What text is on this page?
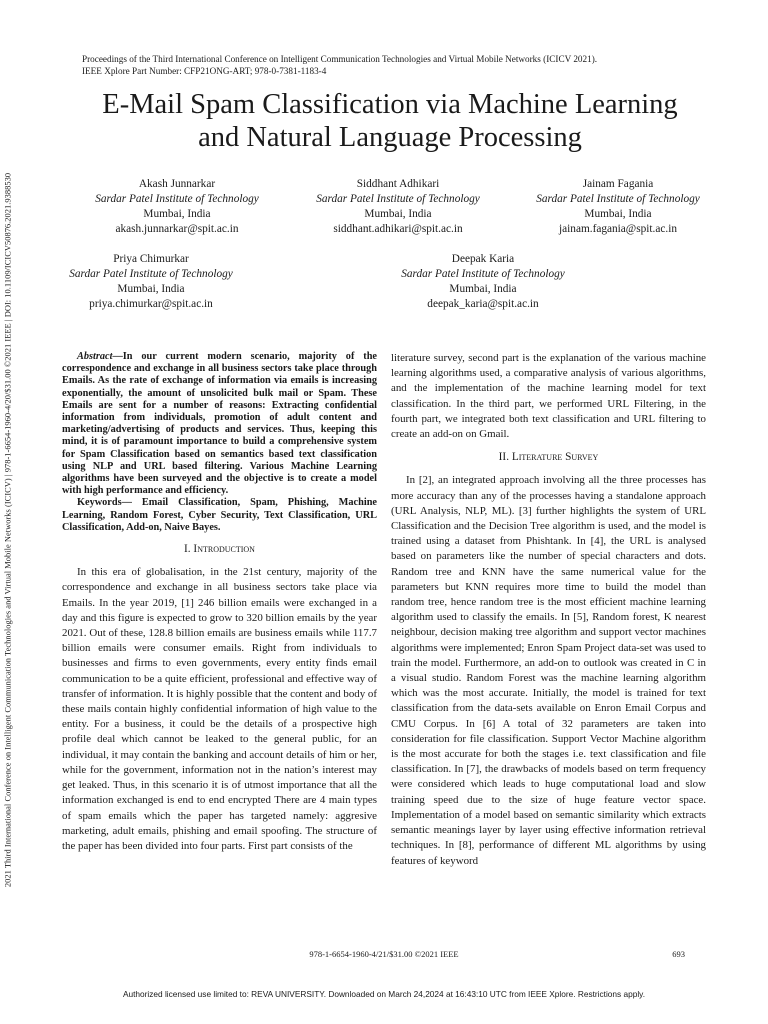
2021 Third International Conference on Intelligent Communication Technologies and Virtual Mobile Networks (ICICV) | 978-1-6654-1960-4/20/$31.00 ©2021 IEEE | DOI: 10.1109/ICICV50876.2021.9388530
Proceedings of the Third International Conference on Intelligent Communication Technologies and Virtual Mobile Networks (ICICV 2021).
IEEE Xplore Part Number: CFP21ONG-ART; 978-0-7381-1183-4
E-Mail Spam Classification via Machine Learning
and Natural Language Processing
Akash Junnarkar
Sardar Patel Institute of Technology
Mumbai, India
akash.junnarkar@spit.ac.in
Siddhant Adhikari
Sardar Patel Institute of Technology
Mumbai, India
siddhant.adhikari@spit.ac.in
Jainam Fagania
Sardar Patel Institute of Technology
Mumbai, India
jainam.fagania@spit.ac.in
Priya Chimurkar
Sardar Patel Institute of Technology
Mumbai, India
priya.chimurkar@spit.ac.in
Deepak Karia
Sardar Patel Institute of Technology
Mumbai, India
deepak_karia@spit.ac.in

Abstract—In our current modern scenario, majority of the correspondence and exchange in all business sectors take place through Emails. As the rate of exchange of information via emails is increasing exponentially, the amount of unsolicited bulk mail or Spam. These Emails are sent for a number of reasons: Extracting confidential information from individuals, promotion of adult content and marketing/advertising of products and services. Thus, keeping this mind, it is of paramount importance to build a comprehensive system for Spam Classification based on semantics based text classification using NLP and URL based filtering. Various Machine Learning algorithms have been surveyed and the objective is to create a model with high performance and efficiency.

Keywords— Email Classification, Spam, Phishing, Machine Learning, Random Forest, Cyber Security, Text Classification, URL Classification, Add-on, Naive Bayes.

I. Introduction

In this era of globalisation, in the 21st century, majority of the correspondence and exchange in all business sectors take place via Emails. In the year 2019, [1] 246 billion emails were exchanged in a day and this figure is expected to grow to 320 billion emails by the year 2021. Out of these, 128.8 billion emails are business emails while 117.7 billion emails were consumer emails. Right from individuals to businesses and firms to even governments, every entity finds email communication to be a quite efficient, professional and effective way of transfer of information. It is highly possible that the content and body of these mails contain highly confidential information of high value to the entity. For a business, it could be the details of a prospective high profile deal which cannot be leaked to the general public, for an individual, it may contain the banking and account details of him or her, while for the government, information not in the nation’s interest may get leaked. Thus, in this scenario it is of utmost importance that all the information exchanged is end to end encrypted There are 4 main types of spam emails which the paper has targeted namely: aggresive marketing, adult emails, phishing and email spoofing. The structure of the paper has been divided into four parts. First part consists of the

literature survey, second part is the explanation of the various machine learning algorithms used, a comparative analysis of various algorithms, and the implementation of the machine learning model for text classification. In the third part, we performed URL Filtering, in the fourth part, we integrated both text classification and URL filtering to create an add-on on Gmail.

II. Literature Survey

In [2], an integrated approach involving all the three processes has more accuracy than any of the processes having a standalone approach (URL Analysis, NLP, ML). [3] further highlights the system of URL Classification and the Decision Tree algorithm is used, and the model is trained using a dataset from Phishtank. In [4], the URL is analysed based on parameters like the number of special characters and dots. Random tree and KNN have the same numerical value for the parameters but KNN requires more time to build the model than random tree, hence random tree is the most efficient machine learning algorithm used to classify the emails. In [5], Random forest, K nearest neighbour, decision making tree algorithm and support vector machines algorithms were implemented; Enron Spam Project data-set was used to train the model. Furthermore, an add-on to outlook was created in C in a visual studio. Random Forest was the machine learning algorithm which was the most accurate. Initially, the model is trained for text classification from the data-sets available on Enron Email Corpus and CMU Corpus. In [6] A total of 32 parameters are taken into consideration for file classification. Support Vector Machine algorithm is the most accurate for both the stages i.e. text classification and file classification. In [7], the drawbacks of models based on term frequency were considered which leads to huge computational load and slow training speed due to the size of huge feature vector space. Implementation of a model based on semantic similarity which extracts semantic meanings layer by layer using effective information retrieval techniques. In [8], performance of different ML algorithms by using features of keyword

978-1-6654-1960-4/21/$31.00 ©2021 IEEE	693
Authorized licensed use limited to: REVA UNIVERSITY. Downloaded on March 24,2024 at 16:43:10 UTC from IEEE Xplore. Restrictions apply.
